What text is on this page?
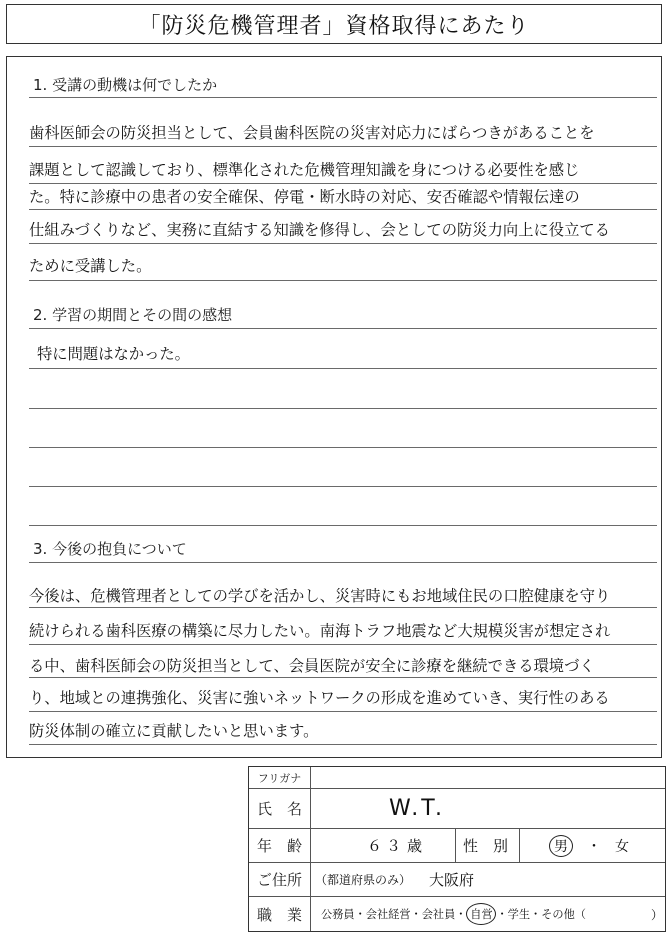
「防災危機管理者」資格取得にあたり
1. 受講の動機は何でしたか
歯科医師会の防災担当として、会員歯科医院の災害対応力にばらつきがあることを
課題として認識しており、標準化された危機管理知識を身につける必要性を感じ
た。特に診療中の患者の安全確保、停電・断水時の対応、安否確認や情報伝達の
仕組みづくりなど、実務に直結する知識を修得し、会としての防災力向上に役立てる
ために受講した。
2. 学習の期間とその間の感想
特に問題はなかった。
3. 今後の抱負について
今後は、危機管理者としての学びを活かし、災害時にもお地域住民の口腔健康を守り
続けられる歯科医療の構築に尽力したい。南海トラフ地震など大規模災害が想定され
る中、歯科医師会の防災担当として、会員医院が安全に診療を継続できる環境づく
り、地域との連携強化、災害に強いネットワークの形成を進めていき、実行性のある
防災体制の確立に貢献したいと思います。
フリガナ
氏　名	W.T.
年　齢	６３ 歳	性　別	男	・ 女
ご住所	（都道府県のみ） 大阪府
職　業	公務員・会社経営・会社員・ 自営 ・学生・その他（	）
